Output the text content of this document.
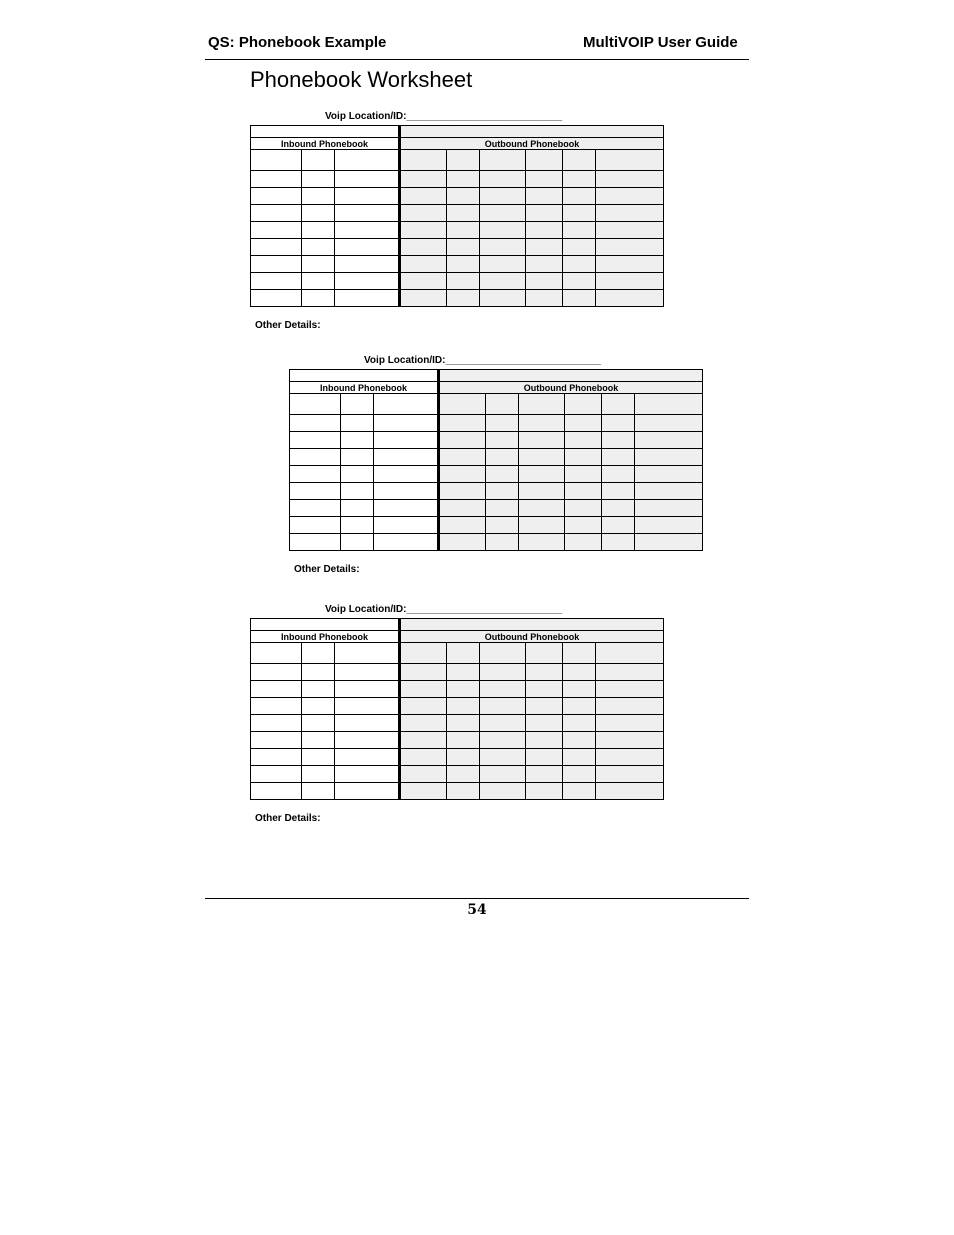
QS: Phonebook Example	MultiVOIP User Guide
Phonebook Worksheet
Voip Location/ID:____________________________

Inbound Phonebook			Outbound Phonebook					

Other Details:
Voip Location/ID:____________________________

Inbound Phonebook			Outbound Phonebook					

Other Details:
Voip Location/ID:____________________________

Inbound Phonebook			Outbound Phonebook					

Other Details:
54
